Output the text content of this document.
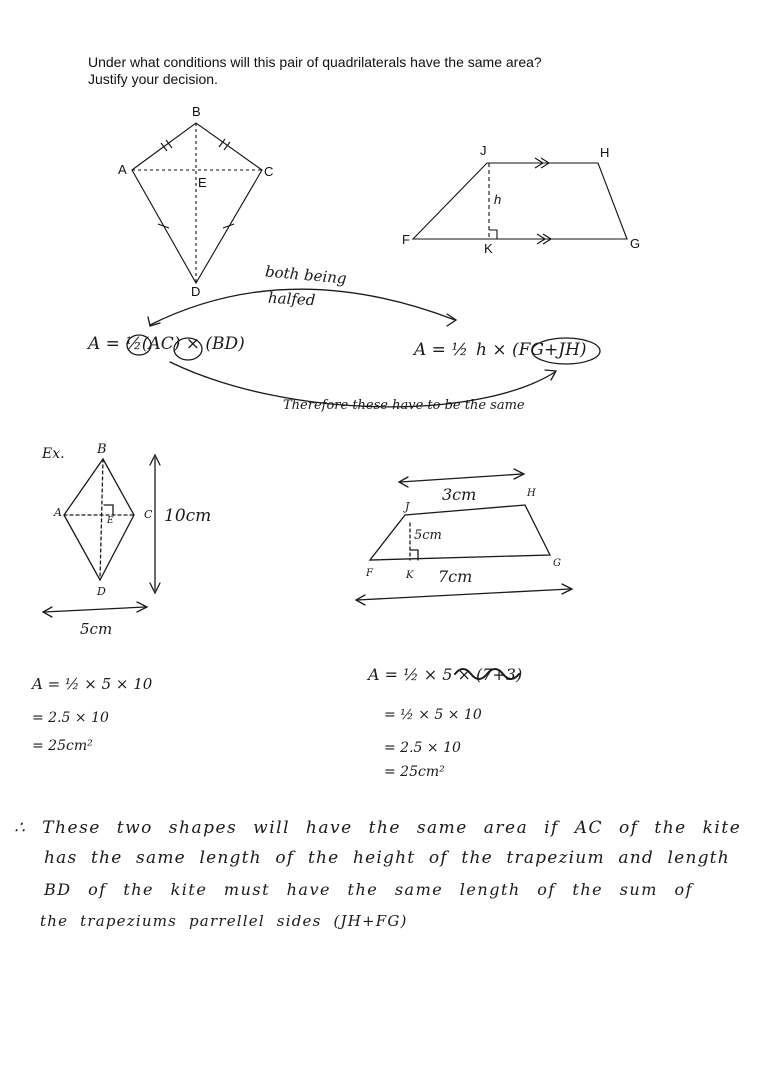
Under what conditions will this pair of quadrilaterals have the same area?
Justify your decision.
A
B
C
D
E
J	H
F
K	G
h
both being
halfed
A = ½(AC) × (BD)	A = ½ h × (FG+JH)
Therefore these have to be the same
Ex. B
A
E	C
D
10cm
5cm
J
H
3cm
5cm
F	K
G
7cm
A = ½ × 5 × 10
= 2.5 × 10
= 25cm²
A = ½ × 5 × (7+3)
= ½ × 5 × 10
= 2.5 × 10
= 25cm²
∴ These two shapes will have the same area if AC of the kite
has the same length of the height of the trapezium and length
BD of the kite must have the same length of the sum of
the trapeziums parrellel sides (JH+FG)
